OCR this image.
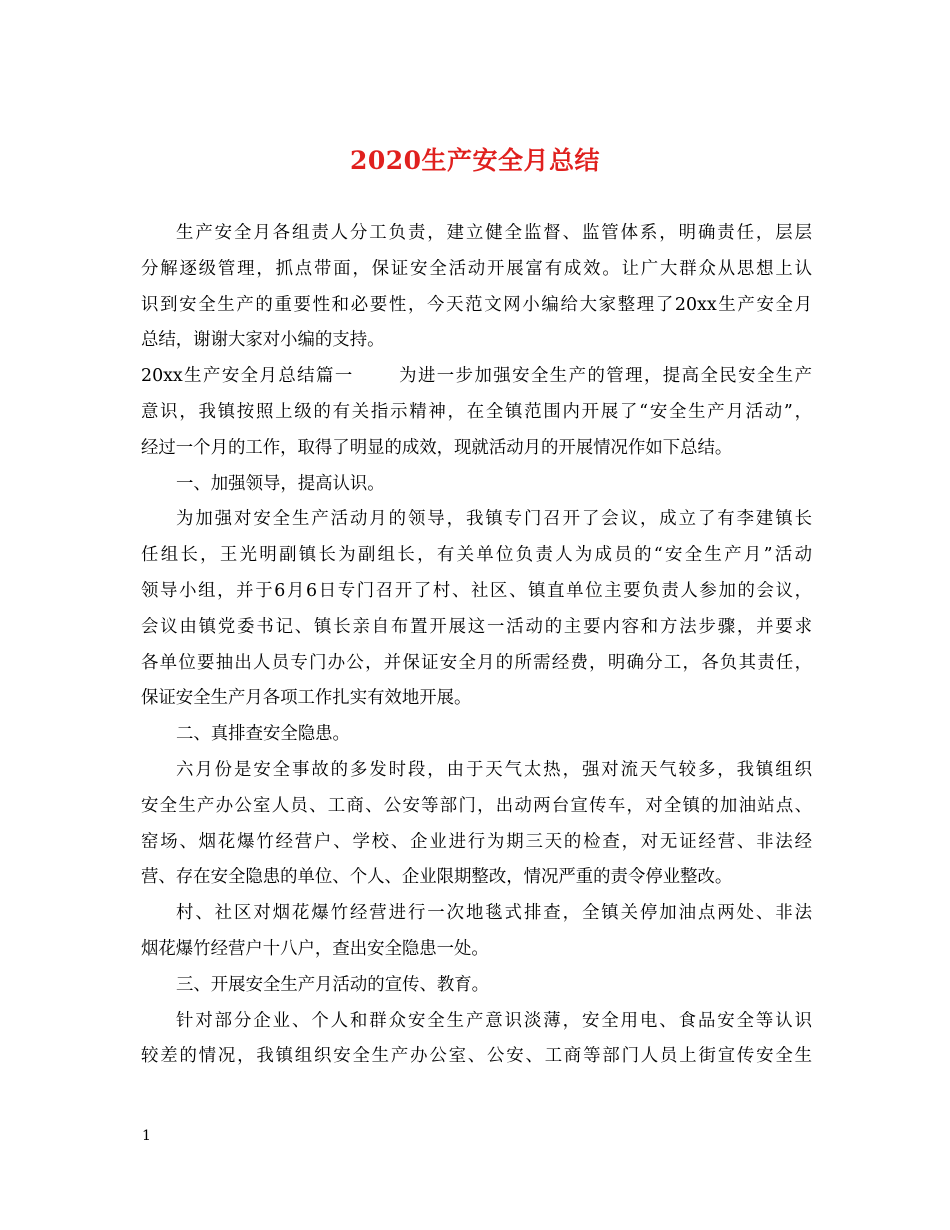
2020生产安全月总结
生产安全月各组责人分工负责，建立健全监督、监管体系，明确责任，层层
分解逐级管理，抓点带面，保证安全活动开展富有成效。让广大群众从思想上认
识到安全生产的重要性和必要性，今天范文网小编给大家整理了20xx生产安全月
总结，谢谢大家对小编的支持。
20xx生产安全月总结篇一	为进一步加强安全生产的管理，提高全民安全生产
意识，我镇按照上级的有关指示精神，在全镇范围内开展了“安全生产月活动”，
经过一个月的工作，取得了明显的成效，现就活动月的开展情况作如下总结。
一、加强领导，提高认识。
为加强对安全生产活动月的领导，我镇专门召开了会议，成立了有李建镇长
任组长，王光明副镇长为副组长，有关单位负责人为成员的“安全生产月”活动
领导小组，并于6月6日专门召开了村、社区、镇直单位主要负责人参加的会议，
会议由镇党委书记、镇长亲自布置开展这一活动的主要内容和方法步骤，并要求
各单位要抽出人员专门办公，并保证安全月的所需经费，明确分工，各负其责任，
保证安全生产月各项工作扎实有效地开展。
二、真排查安全隐患。
六月份是安全事故的多发时段，由于天气太热，强对流天气较多，我镇组织
安全生产办公室人员、工商、公安等部门，出动两台宣传车，对全镇的加油站点、
窑场、烟花爆竹经营户、学校、企业进行为期三天的检查，对无证经营、非法经
营、存在安全隐患的单位、个人、企业限期整改，情况严重的责令停业整改。
村、社区对烟花爆竹经营进行一次地毯式排查，全镇关停加油点两处、非法
烟花爆竹经营户十八户，查出安全隐患一处。
三、开展安全生产月活动的宣传、教育。
针对部分企业、个人和群众安全生产意识淡薄，安全用电、食品安全等认识
较差的情况，我镇组织安全生产办公室、公安、工商等部门人员上街宣传安全生
1
